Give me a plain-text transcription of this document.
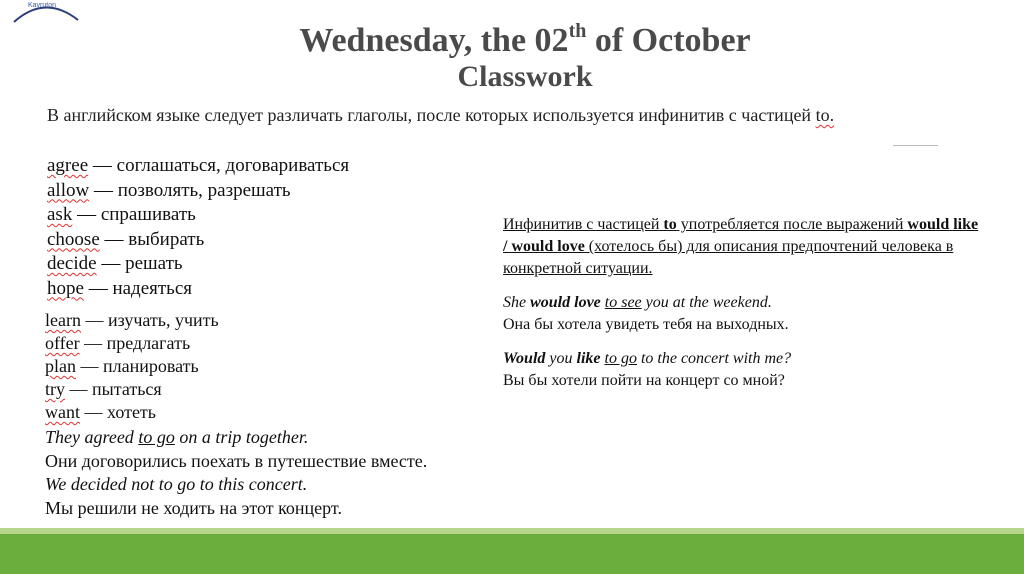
Kavruton
Wednesday, the 02th of October
Classwork
В английском языке следует различать глаголы, после которых используется инфинитив с частицей to.
agree — соглашаться, договариваться
allow — позволять, разрешать
ask — спрашивать
choose — выбирать
decide — решать
hope — надеяться
learn — изучать, учить
offer — предлагать
plan — планировать
try — пытаться
want — хотеть
They agreed to go on a trip together.
Они договорились поехать в путешествие вместе.
We decided not to go to this concert.
Мы решили не ходить на этот концерт.
Инфинитив с частицей to употребляется после выражений would like / would love (хотелось бы) для описания предпочтений человека в конкретной ситуации.
She would love to see you at the weekend.
Она бы хотела увидеть тебя на выходных.
Would you like to go to the concert with me?
Вы бы хотели пойти на концерт со мной?
